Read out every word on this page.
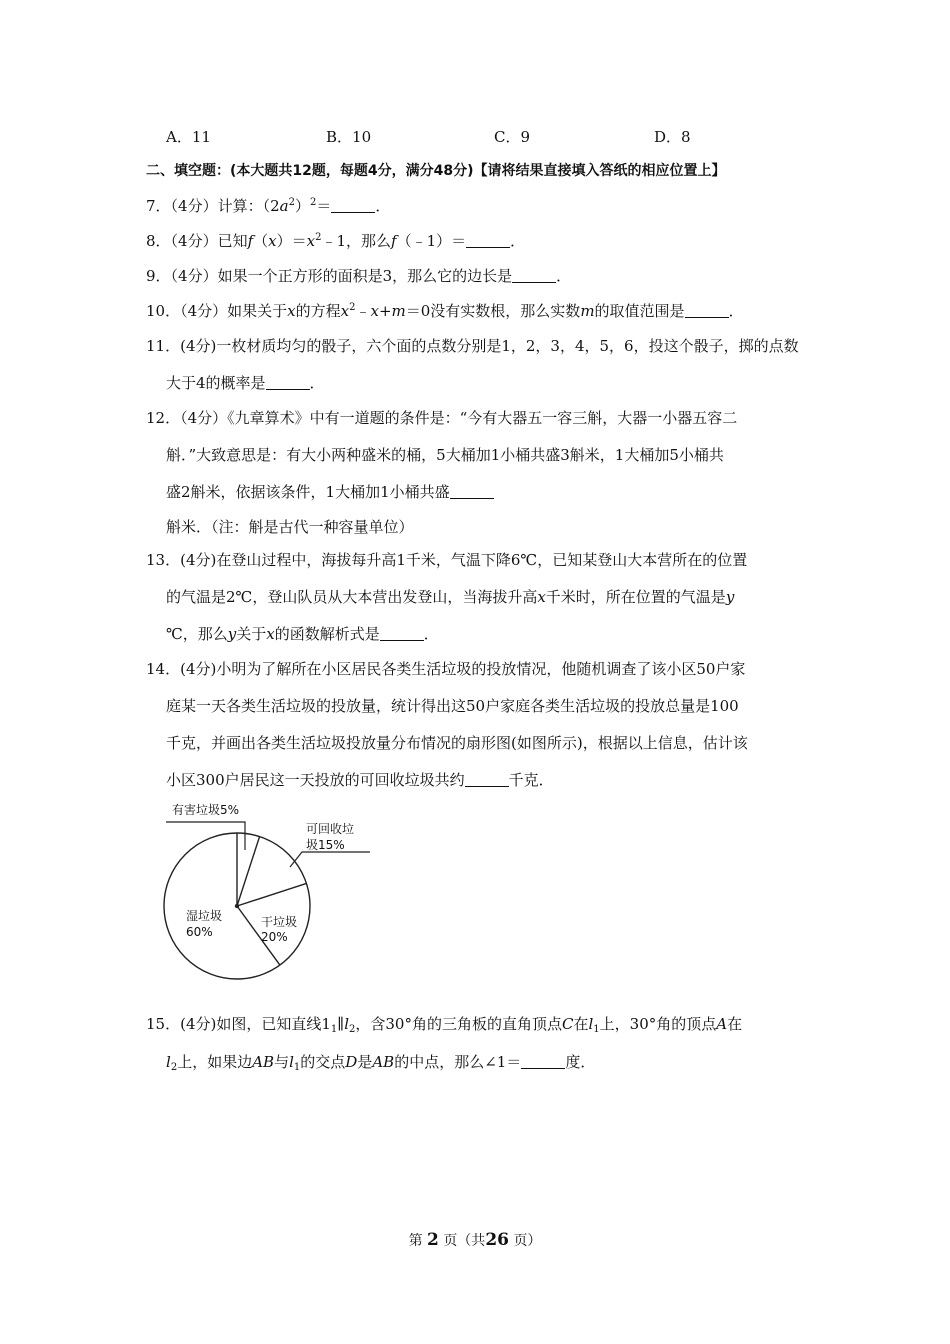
A．11	B．10	C．9	D．8
二、填空题：(本大题共12题，每题4分，满分48分)【请将结果直接填入答纸的相应位置上】
7．（4分）计算：$(2a^2)^2=$	．
8．（4分）已知$f(x)=x^2﹣1$，那么f（﹣1）＝	．
9．（4分）如果一个正方形的面积是3，那么它的边长是	．
10．（4分）如果关于x的方程$x^2﹣x+m=0$没有实数根，那么实数m的取值范围是	．
11．(4分)一枚材质均匀的骰子，六个面的点数分别是1，2，3，4，5，6，投这个骰子，掷的点数
大于4的概率是	．
12．（4分）《九章算术》中有一道题的条件是：“今有大器五一容三斛，大器一小器五容二
斛．”大致意思是：有大小两种盛米的桶，5大桶加1小桶共盛3斛米，1大桶加5小桶共
盛2斛米，依据该条件，1大桶加1小桶共盛
斛米．（注：斛是古代一种容量单位）
13．(4分)在登山过程中，海拔每升高1千米，气温下降6℃，已知某登山大本营所在的位置
的气温是2℃，登山队员从大本营出发登山，当海拔升高x千米时，所在位置的气温是y
℃，那么y关于x的函数解析式是	．
14．(4分)小明为了解所在小区居民各类生活垃圾的投放情况，他随机调查了该小区50户家
庭某一天各类生活垃圾的投放量，统计得出这50户家庭各类生活垃圾的投放总量是100
千克，并画出各类生活垃圾投放量分布情况的扇形图(如图所示)，根据以上信息，估计该
小区300户居民这一天投放的可回收垃圾共约	千克．
有害垃圾5%
可回收垃
圾15%
干垃圾
20%
湿垃圾
60%
15．(4分)如图，已知直线$1_1\parallel l_2$，含30°角的三角板的直角顶点C在$l_1$上，30°角的顶点A在
$l_2$上，如果边AB与$l_1$的交点D是AB的中点，那么∠1＝	度．
第 2 页（共26 页）
